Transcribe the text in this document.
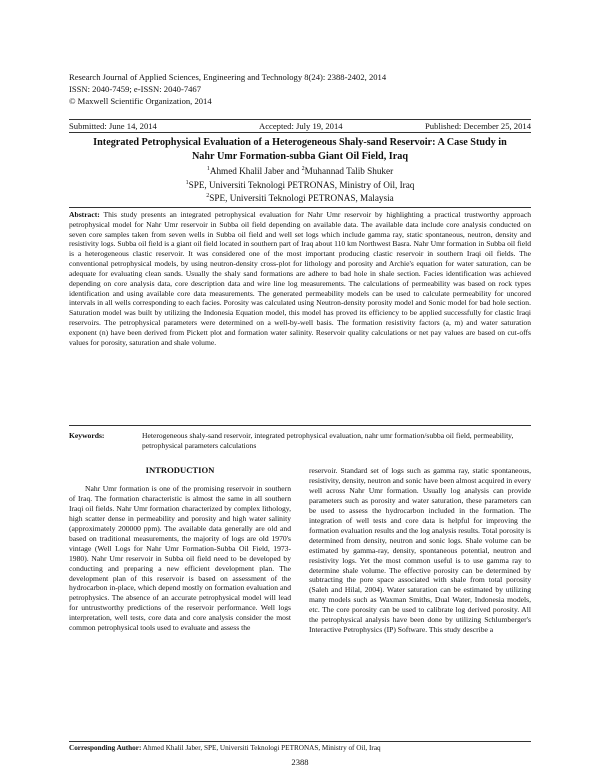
Research Journal of Applied Sciences, Engineering and Technology 8(24): 2388-2402, 2014
ISSN: 2040-7459; e-ISSN: 2040-7467
© Maxwell Scientific Organization, 2014
Submitted: June 14, 2014	Accepted: July 19, 2014	Published: December 25, 2014
Integrated Petrophysical Evaluation of a Heterogeneous Shaly-sand Reservoir: A Case Study in Nahr Umr Formation-subba Giant Oil Field, Iraq
$^1$Ahmed Khalil Jaber and $^2$Muhannad Talib Shuker
$^1$SPE, Universiti Teknologi PETRONAS, Ministry of Oil, Iraq
$^2$SPE, Universiti Teknologi PETRONAS, Malaysia
Abstract: This study presents an integrated petrophysical evaluation for Nahr Umr reservoir by highlighting a practical trustworthy approach petrophysical model for Nahr Umr reservoir in Subba oil field depending on available data. The available data include core analysis conducted on seven core samples taken from seven wells in Subba oil field and well set logs which include gamma ray, static spontaneous, neutron, density and resistivity logs. Subba oil field is a giant oil field located in southern part of Iraq about 110 km Northwest Basra. Nahr Umr formation in Subba oil field is a heterogeneous clastic reservoir. It was considered one of the most important producing clastic reservoir in southern Iraqi oil fields. The conventional petrophysical models, by using neutron-density cross-plot for lithology and porosity and Archie's equation for water saturation, can be adequate for evaluating clean sands. Usually the shaly sand formations are adhere to bad hole in shale section. Facies identification was achieved depending on core analysis data, core description data and wire line log measurements. The calculations of permeability was based on rock types identification and using available core data measurements. The generated permeability models can be used to calculate permeability for uncored intervals in all wells corresponding to each facies. Porosity was calculated using Neutron-density porosity model and Sonic model for bad hole section. Saturation model was built by utilizing the Indonesia Equation model, this model has proved its efficiency to be applied successfully for clastic Iraqi reservoirs. The petrophysical parameters were determined on a well-by-well basis. The formation resistivity factors (a, m) and water saturation exponent (n) have been derived from Pickett plot and formation water salinity. Reservoir quality calculations or net pay values are based on cut-offs values for porosity, saturation and shale volume.
Keywords:	Heterogeneous shaly-sand reservoir, integrated petrophysical evaluation, nahr umr formation/subba oil field, permeability, petrophysical parameters calculations
INTRODUCTION

Nahr Umr formation is one of the promising reservoir in southern of Iraq. The formation characteristic is almost the same in all southern Iraqi oil fields. Nahr Umr formation characterized by complex lithology, high scatter dense in permeability and porosity and high water salinity (approximately 200000 ppm). The available data generally are old and based on traditional measurements, the majority of logs are old 1970's vintage (Well Logs for Nahr Umr Formation-Subba Oil Field, 1973-1980). Nahr Umr reservoir in Subba oil field need to be developed by conducting and preparing a new efficient development plan. The development plan of this reservoir is based on assessment of the hydrocarbon in-place, which depend mostly on formation evaluation and petrophysics. The absence of an accurate petrophysical model will lead for untrustworthy predictions of the reservoir performance. Well logs interpretation, well tests, core data and core analysis consider the most common petrophysical tools used to evaluate and assess the

reservoir. Standard set of logs such as gamma ray, static spontaneous, resistivity, density, neutron and sonic have been almost acquired in every well across Nahr Umr formation. Usually log analysis can provide parameters such as porosity and water saturation, these parameters can be used to assess the hydrocarbon included in the formation. The integration of well tests and core data is helpful for improving the formation evaluation results and the log analysis results. Total porosity is determined from density, neutron and sonic logs. Shale volume can be estimated by gamma-ray, density, spontaneous potential, neutron and resistivity logs. Yet the most common useful is to use gamma ray to determine shale volume. The effective porosity can be determined by subtracting the pore space associated with shale from total porosity (Saleh and Hilal, 2004). Water saturation can be estimated by utilizing many models such as Waxman Smiths, Dual Water, Indonesia models, etc. The core porosity can be used to calibrate log derived porosity. All the petrophysical analysis have been done by utilizing Schlumberger's Interactive Petrophysics (IP) Software. This study describe a

Corresponding Author: Ahmed Khalil Jaber, SPE, Universiti Teknologi PETRONAS, Ministry of Oil, Iraq
2388
